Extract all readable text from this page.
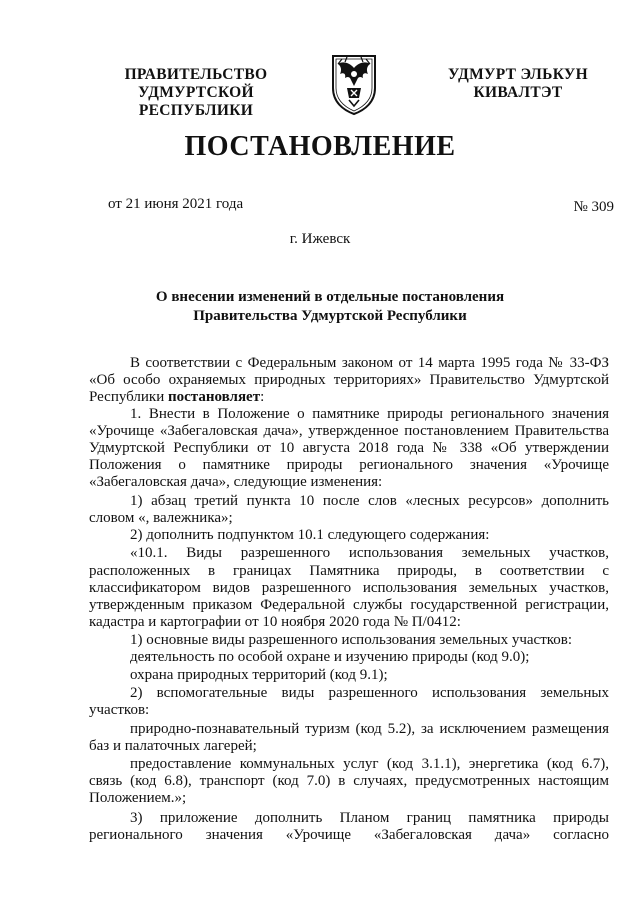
ПРАВИТЕЛЬСТВО
УДМУРТСКОЙ РЕСПУБЛИКИ
УДМУРТ ЭЛЬКУН
КИВАЛТЭТ
ПОСТАНОВЛЕНИЕ
от 21 июня 2021 года	№ 309
г. Ижевск
О внесении изменений в отдельные постановления
Правительства Удмуртской Республики
В соответствии с Федеральным законом от 14 марта 1995 года № 33-ФЗ
«Об особо охраняемых природных территориях» Правительство Удмуртской
Республики постановляет:
1. Внести в Положение о памятнике природы регионального значения
«Урочище «Забегаловская дача», утвержденное постановлением Правительства
Удмуртской Республики от 10 августа 2018 года № 338 «Об утверждении
Положения о памятнике природы регионального значения «Урочище
«Забегаловская дача», следующие изменения:
1) абзац третий пункта 10 после слов «лесных ресурсов» дополнить
словом «, валежника»;
2) дополнить подпунктом 10.1 следующего содержания:
«10.1. Виды разрешенного использования земельных участков,
расположенных в границах Памятника природы, в соответствии с
классификатором видов разрешенного использования земельных участков,
утвержденным приказом Федеральной службы государственной регистрации,
кадастра и картографии от 10 ноября 2020 года № П/0412:
1) основные виды разрешенного использования земельных участков:
деятельность по особой охране и изучению природы (код 9.0);
охрана природных территорий (код 9.1);
2) вспомогательные виды разрешенного использования земельных
участков:
природно-познавательный туризм (код 5.2), за исключением размещения
баз и палаточных лагерей;
предоставление коммунальных услуг (код 3.1.1), энергетика (код 6.7),
связь (код 6.8), транспорт (код 7.0) в случаях, предусмотренных настоящим
Положением.»;
3) приложение дополнить Планом границ памятника природы
регионального значения «Урочище «Забегаловская дача» согласно
